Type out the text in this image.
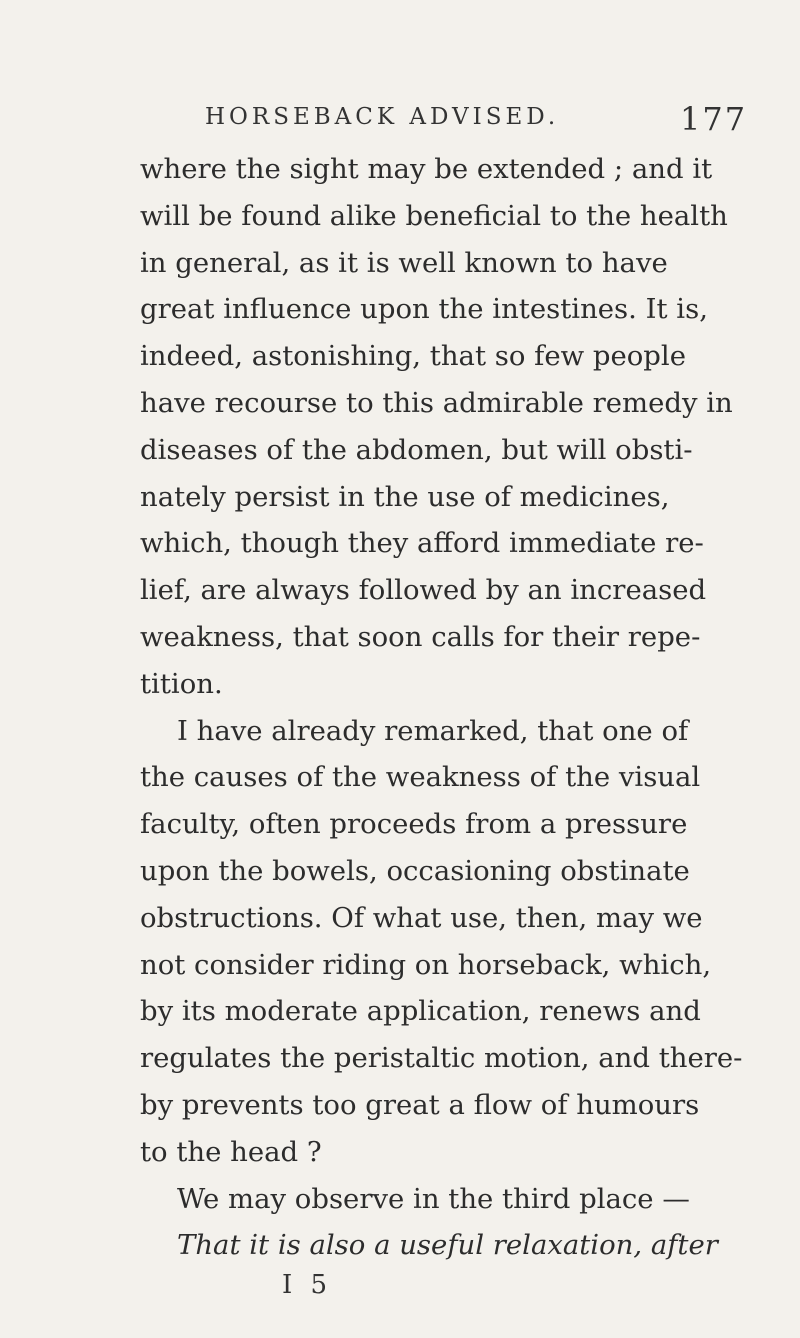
HORSEBACK ADVISED.	177
where the sight may be extended ; and it
will be found alike beneficial to the health
in general, as it is well known to have
great influence upon the intestines. It is,
indeed, astonishing, that so few people
have recourse to this admirable remedy in
diseases of the abdomen, but will obsti-
nately persist in the use of medicines,
which, though they afford immediate re-
lief, are always followed by an increased
weakness, that soon calls for their repe-
tition.
I have already remarked, that one of
the causes of the weakness of the visual
faculty, often proceeds from a pressure
upon the bowels, occasioning obstinate
obstructions. Of what use, then, may we
not consider riding on horseback, which,
by its moderate application, renews and
regulates the peristaltic motion, and there-
by prevents too great a flow of humours
to the head ?
We may observe in the third place —
That it is also a useful relaxation, after
I 5
